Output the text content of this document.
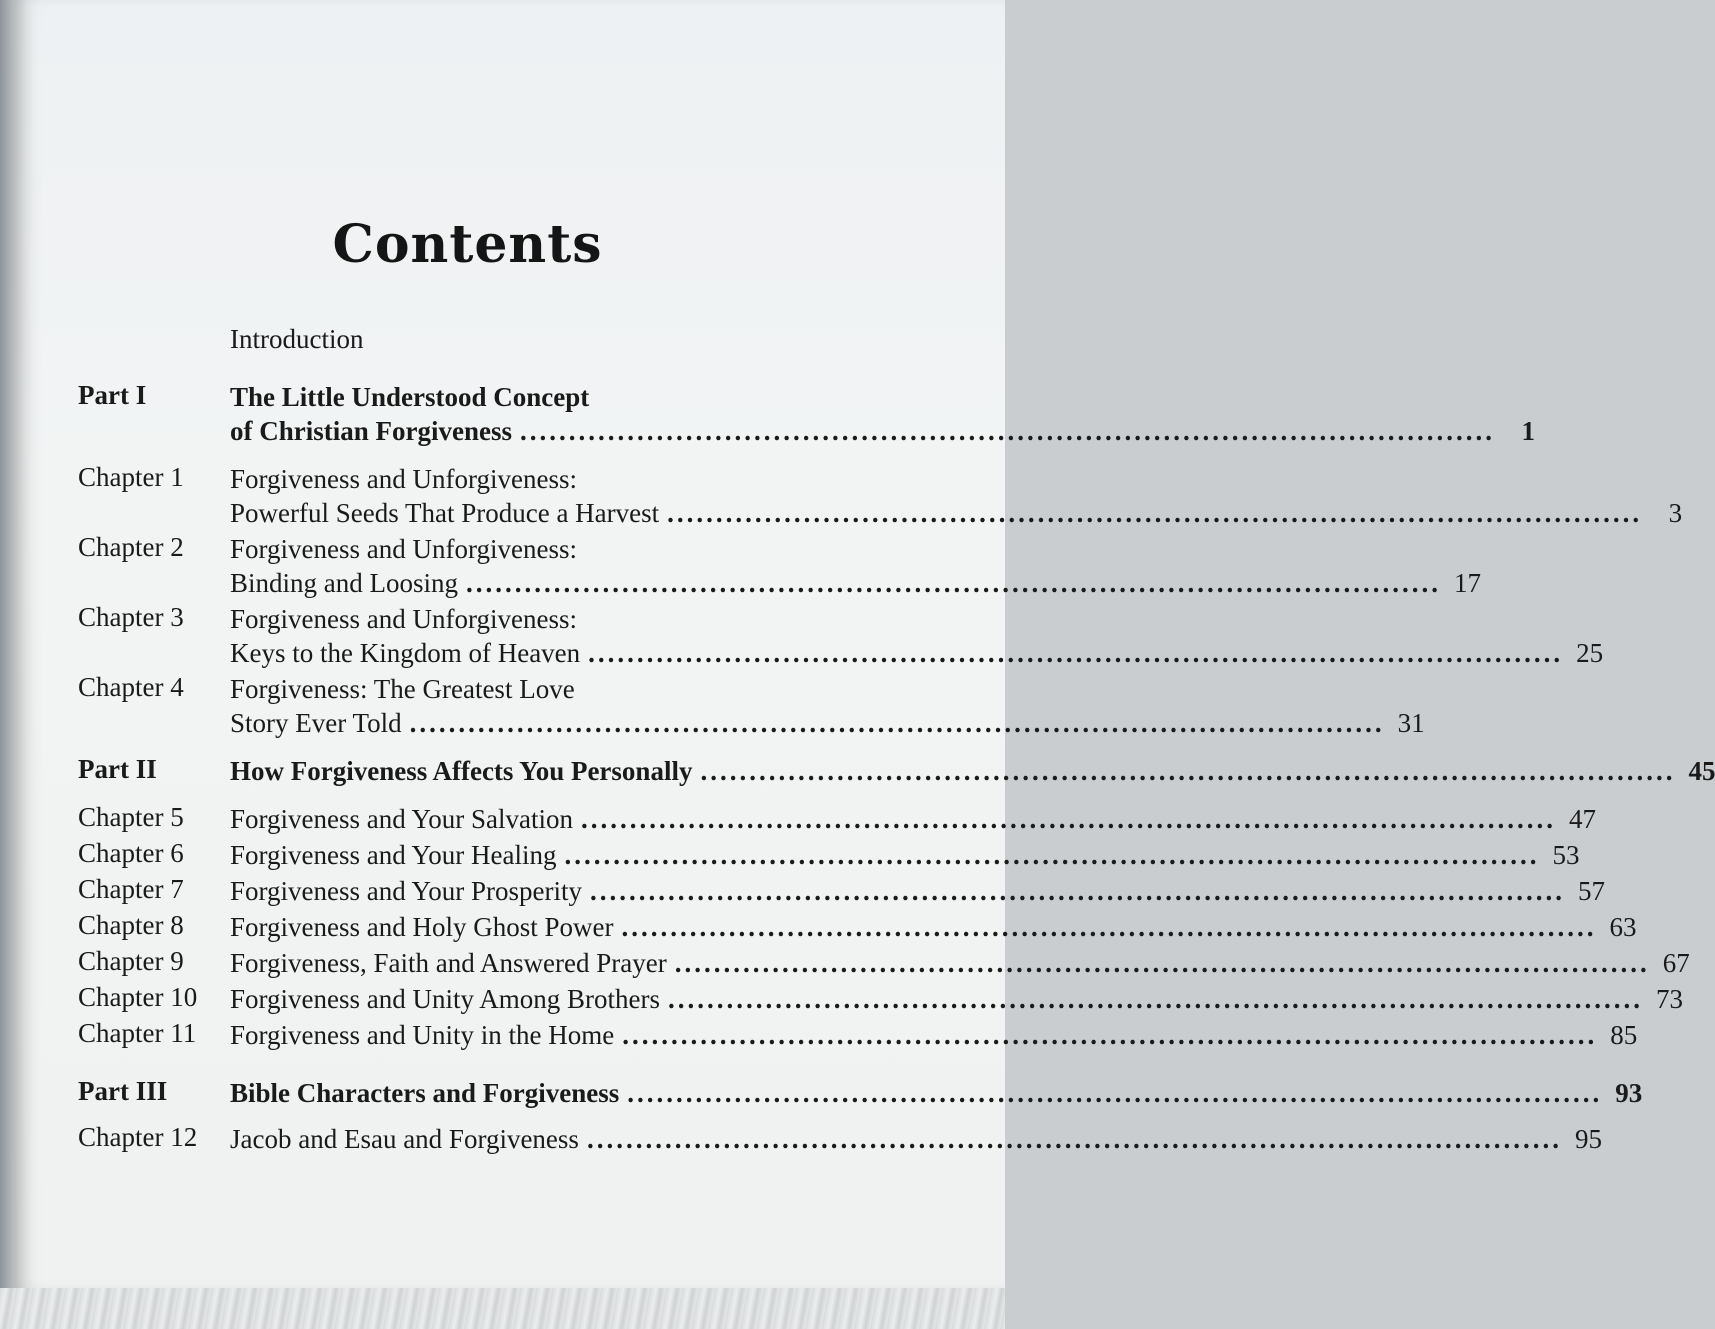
Contents
Introduction
Part I	The Little Understood Concept
of Christian Forgiveness .................................................................................................... 1
Chapter 1 Forgiveness and Unforgiveness:
Powerful Seeds That Produce a Harvest .................................................................................................... 3
Chapter 2 Forgiveness and Unforgiveness:
Binding and Loosing .................................................................................................... 17
Chapter 3 Forgiveness and Unforgiveness:
Keys to the Kingdom of Heaven .................................................................................................... 25
Chapter 4 Forgiveness: The Greatest Love
Story Ever Told .................................................................................................... 31
Part II	How Forgiveness Affects You Personally .................................................................................................... 45
Chapter 5 Forgiveness and Your Salvation .................................................................................................... 47
Chapter 6 Forgiveness and Your Healing .................................................................................................... 53
Chapter 7 Forgiveness and Your Prosperity .................................................................................................... 57
Chapter 8 Forgiveness and Holy Ghost Power .................................................................................................... 63
Chapter 9 Forgiveness, Faith and Answered Prayer .................................................................................................... 67
Chapter 10 Forgiveness and Unity Among Brothers .................................................................................................... 73
Chapter 11 Forgiveness and Unity in the Home .................................................................................................... 85
Part III Bible Characters and Forgiveness .................................................................................................... 93
Chapter 12 Jacob and Esau and Forgiveness .................................................................................................... 95
